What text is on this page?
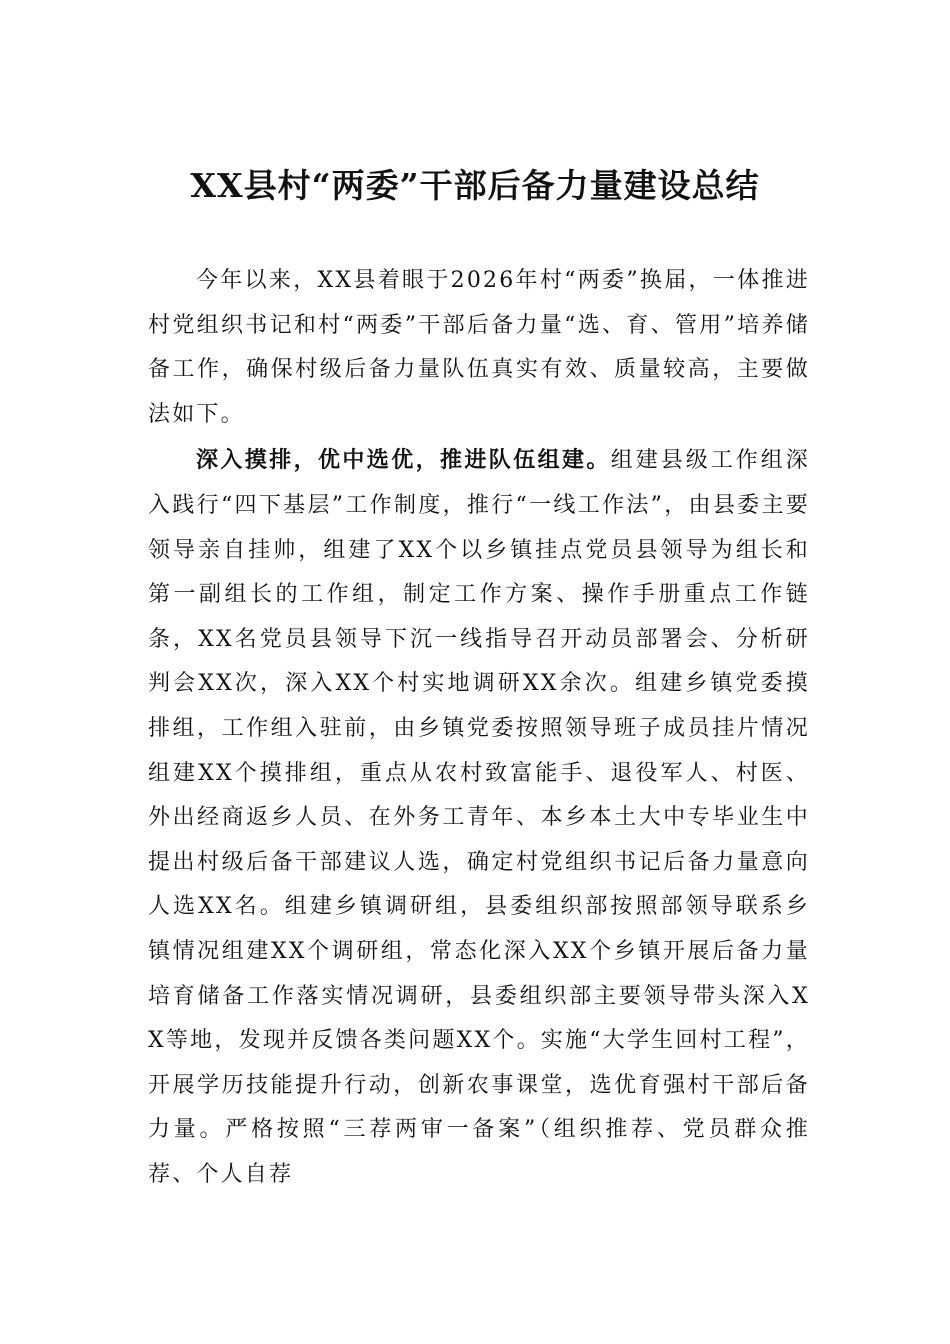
XX县村“两委”干部后备力量建设总结

今年以来，XX县着眼于2026年村“两委”换届，一体推进村党组织书记和村“两委”干部后备力量“选、育、管用”培养储备工作，确保村级后备力量队伍真实有效、质量较高，主要做法如下。

深入摸排，优中选优，推进队伍组建。组建县级工作组深入践行“四下基层”工作制度，推行“一线工作法”，由县委主要领导亲自挂帅，组建了XX个以乡镇挂点党员县领导为组长和第一副组长的工作组，制定工作方案、操作手册重点工作链条，XX名党员县领导下沉一线指导召开动员部署会、分析研判会XX次，深入XX个村实地调研XX余次。组建乡镇党委摸排组，工作组入驻前，由乡镇党委按照领导班子成员挂片情况组建XX个摸排组，重点从农村致富能手、退役军人、村医、外出经商返乡人员、在外务工青年、本乡本土大中专毕业生中提出村级后备干部建议人选，确定村党组织书记后备力量意向人选XX名。组建乡镇调研组，县委组织部按照部领导联系乡镇情况组建XX个调研组，常态化深入XX个乡镇开展后备力量培育储备工作落实情况调研，县委组织部主要领导带头深入XX等地，发现并反馈各类问题XX个。实施“大学生回村工程”，开展学历技能提升行动，创新农事课堂，选优育强村干部后备力量。严格按照“三荐两审一备案”（组织推荐、党员群众推荐、个人自荐
